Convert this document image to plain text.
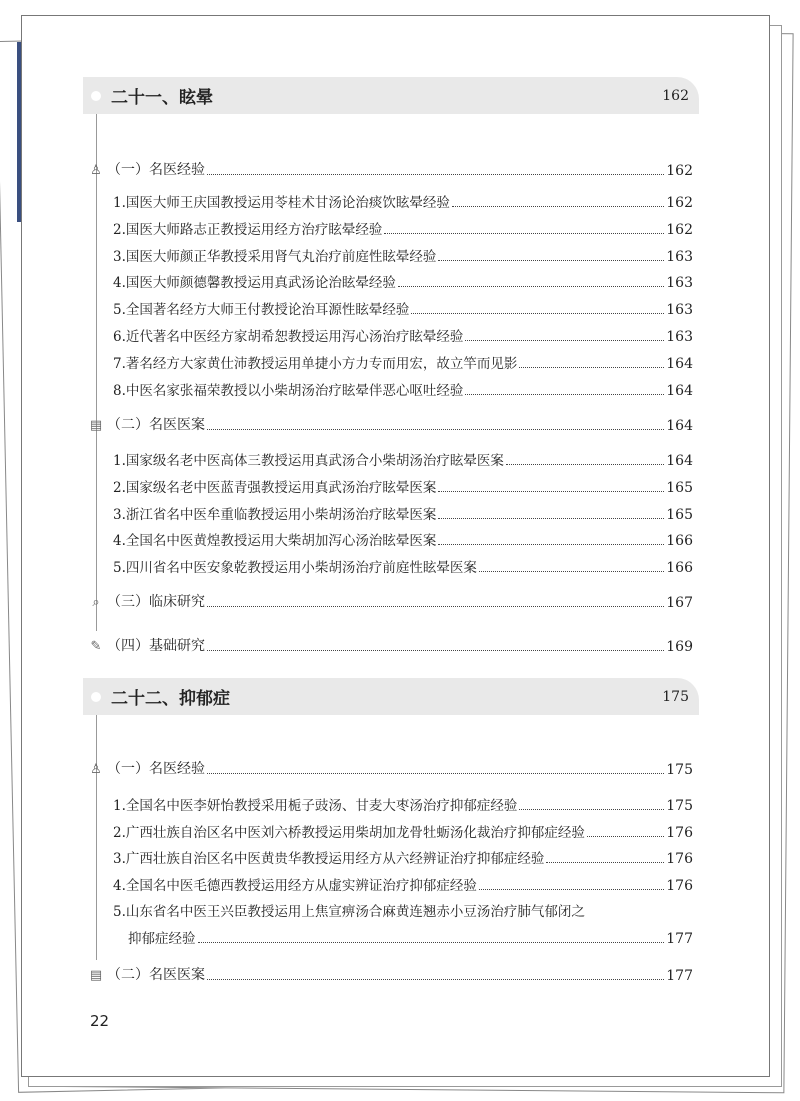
22
二十一、眩晕	162
♙ （一）名医经验	162
1.国医大师王庆国教授运用苓桂术甘汤论治痰饮眩晕经验	162
2.国医大师路志正教授运用经方治疗眩晕经验	162
3.国医大师颜正华教授采用肾气丸治疗前庭性眩晕经验	163
4.国医大师颜德馨教授运用真武汤论治眩晕经验	163
5.全国著名经方大师王付教授论治耳源性眩晕经验	163
6.近代著名中医经方家胡希恕教授运用泻心汤治疗眩晕经验	163
7.著名经方大家黄仕沛教授运用单捷小方力专而用宏，故立竿而见影	164
8.中医名家张福荣教授以小柴胡汤治疗眩晕伴恶心呕吐经验	164
▤ （二）名医医案	164
1.国家级名老中医高体三教授运用真武汤合小柴胡汤治疗眩晕医案	164
2.国家级名老中医蓝青强教授运用真武汤治疗眩晕医案	165
3.浙江省名中医牟重临教授运用小柴胡汤治疗眩晕医案	165
4.全国名中医黄煌教授运用大柴胡加泻心汤治眩晕医案	166
5.四川省名中医安象乾教授运用小柴胡汤治疗前庭性眩晕医案	166
⌕ （三）临床研究	167
✎ （四）基础研究	169
二十二、抑郁症	175
♙ （一）名医经验	175
1.全国名中医李妍怡教授采用栀子豉汤、甘麦大枣汤治疗抑郁症经验	175
2.广西壮族自治区名中医刘六桥教授运用柴胡加龙骨牡蛎汤化裁治疗抑郁症经验	176
3.广西壮族自治区名中医黄贵华教授运用经方从六经辨证治疗抑郁症经验	176
4.全国名中医毛德西教授运用经方从虚实辨证治疗抑郁症经验	176
5.山东省名中医王兴臣教授运用上焦宣痹汤合麻黄连翘赤小豆汤治疗肺气郁闭之
抑郁症经验	177
▤ （二）名医医案	177
